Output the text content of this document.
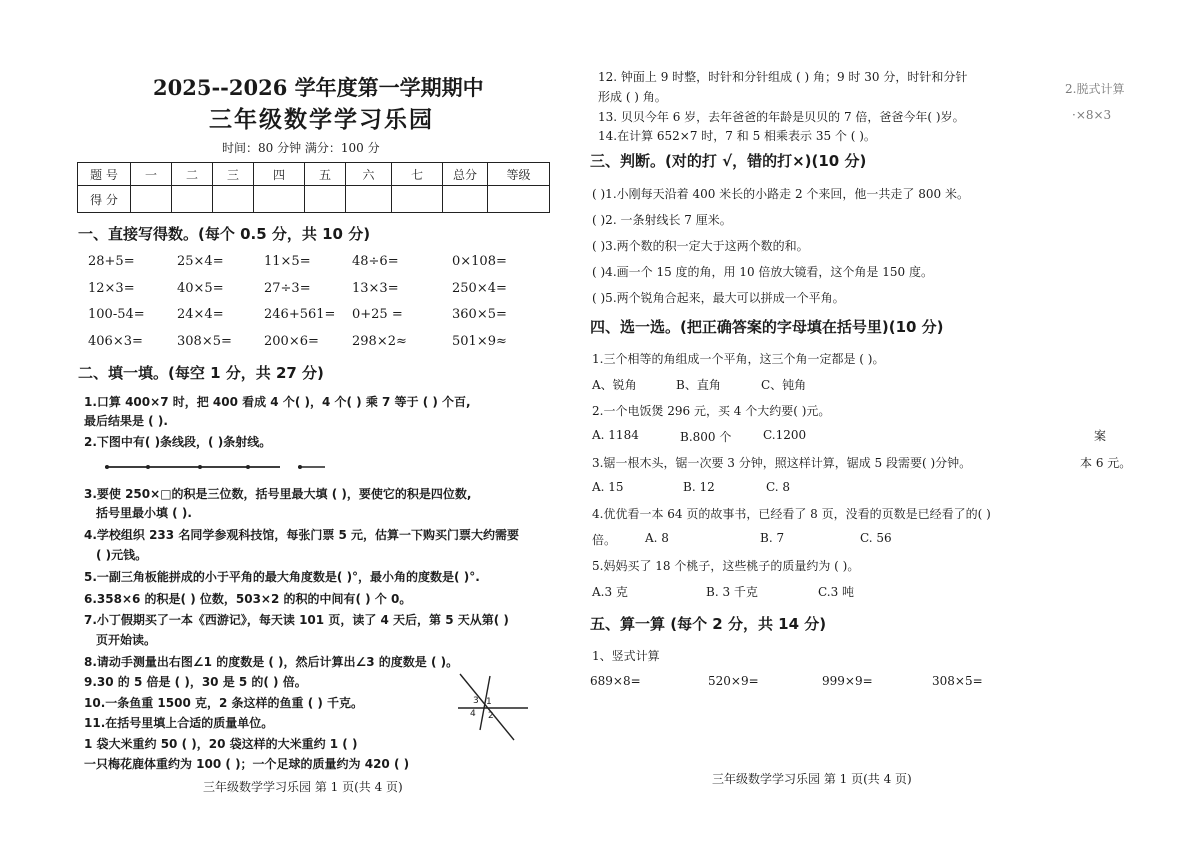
2025--2026 学年度第一学期期中
三年级数学学习乐园
时间：80 分钟 满分：100 分
题 号	一	二	三	四	五	六	七	总分	等级
得 分									
一、直接写得数。(每个 0.5 分，共 10 分)
28+5=	25×4=	11×5=	48÷6=	0×108=
12×3=	40×5=	27÷3=	13×3=	250×4=
100-54= 24×4=	246+561= 0+25 =	360×5=
406×3=	308×5= 200×6=	298×2≈	501×9≈
二、填一填。(每空 1 分，共 27 分)
1.口算 400×7 时，把 400 看成 4 个( )，4 个( ) 乘 7 等于 ( ) 个百,
最后结果是 ( ).
2.下图中有( )条线段，( )条射线。
3.要使 250×□的积是三位数，括号里最大填 ( )，要使它的积是四位数,
括号里最小填 ( ).
4.学校组织 233 名同学参观科技馆，每张门票 5 元，估算一下购买门票大约需要
( )元钱。
5.一副三角板能拼成的小于平角的最大角度数是( )°，最小角的度数是( )°.
6.358×6 的积是( ) 位数，503×2 的积的中间有( ) 个 0。
7.小丁假期买了一本《西游记》，每天读 101 页，读了 4 天后，第 5 天从第( )
页开始读。
8.请动手测量出右图∠1 的度数是 ( )，然后计算出∠3 的度数是 ( )。
9.30 的 5 倍是 ( )，30 是 5 的( ) 倍。
10.一条鱼重 1500 克，2 条这样的鱼重 ( ) 千克。
11.在括号里填上合适的质量单位。
1 袋大米重约 50 ( )，20 袋这样的大米重约 1 ( )
一只梅花鹿体重约为 100 ( )；一个足球的质量约为 420 ( )
3
4
1
2
三年级数学学习乐园 第 1 页(共 4 页)
12. 钟面上 9 时整，时针和分针组成 ( ) 角；9 时 30 分，时针和分针
形成 ( ) 角。
13. 贝贝今年 6 岁，去年爸爸的年龄是贝贝的 7 倍，爸爸今年( )岁。
14.在计算 652×7 时，7 和 5 相乘表示 35 个 ( )。
三、判断。(对的打 √，错的打×)(10 分)
( )1.小刚每天沿着 400 米长的小路走 2 个来回，他一共走了 800 米。
( )2. 一条射线长 7 厘米。
( )3.两个数的积一定大于这两个数的和。
( )4.画一个 15 度的角，用 10 倍放大镜看，这个角是 150 度。
( )5.两个锐角合起来，最大可以拼成一个平角。
四、选一选。(把正确答案的字母填在括号里)(10 分)
1.三个相等的角组成一个平角，这三个角一定都是 ( )。
A、锐角	B、直角	C、钝角
2.一个电饭煲 296 元，买 4 个大约要( )元。
A. 1184	B.800 个	C.1200
3.锯一根木头，锯一次要 3 分钟，照这样计算，锯成 5 段需要( )分钟。
A. 15	B. 12	C. 8
4.优优看一本 64 页的故事书，已经看了 8 页，没看的页数是已经看了的( )
倍。 A. 8	B. 7	C. 56
5.妈妈买了 18 个桃子，这些桃子的质量约为 ( )。
A.3 克	B. 3 千克	C.3 吨
五、算一算 (每个 2 分，共 14 分)
1、竖式计算
689×8=	520×9=	999×9=	308×5=
三年级数学学习乐园 第 1 页(共 4 页)
2.脱式计算
·×8×3
案
本 6 元。
